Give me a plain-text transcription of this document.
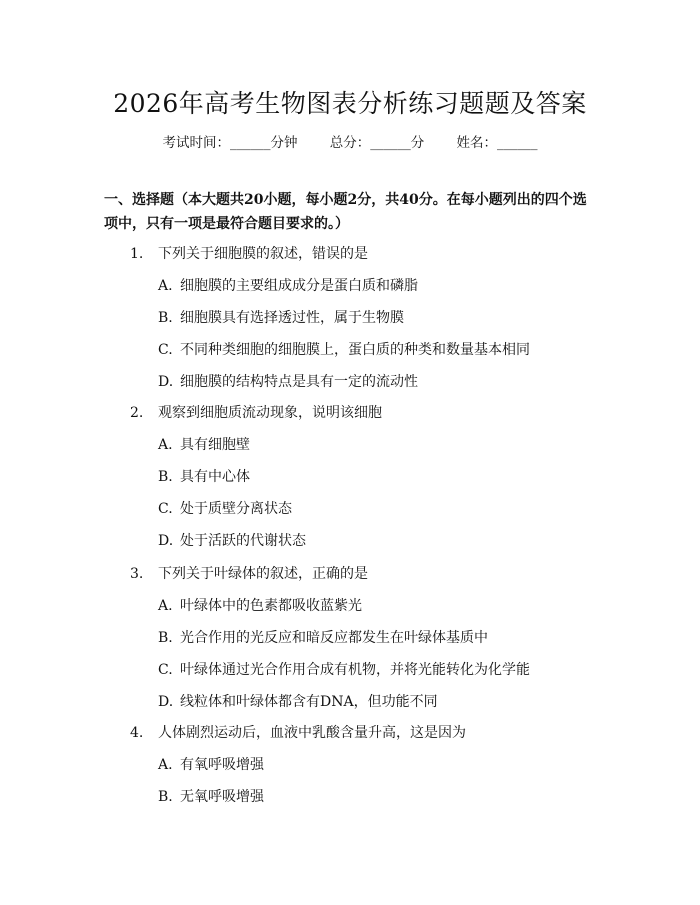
2026年高考生物图表分析练习题题及答案
考试时间：______分钟 总分：______分 姓名：______

一、选择题（本大题共20小题，每小题2分，共40分。在每小题列出的四个选项中，只有一项是最符合题目要求的。）

1. 下列关于细胞膜的叙述，错误的是
A. 细胞膜的主要组成成分是蛋白质和磷脂
B. 细胞膜具有选择透过性，属于生物膜
C. 不同种类细胞的细胞膜上，蛋白质的种类和数量基本相同
D. 细胞膜的结构特点是具有一定的流动性
2. 观察到细胞质流动现象，说明该细胞
A. 具有细胞壁
B. 具有中心体
C. 处于质壁分离状态
D. 处于活跃的代谢状态
3. 下列关于叶绿体的叙述，正确的是
A. 叶绿体中的色素都吸收蓝紫光
B. 光合作用的光反应和暗反应都发生在叶绿体基质中
C. 叶绿体通过光合作用合成有机物，并将光能转化为化学能
D. 线粒体和叶绿体都含有DNA，但功能不同
4. 人体剧烈运动后，血液中乳酸含量升高，这是因为
A. 有氧呼吸增强
B. 无氧呼吸增强
